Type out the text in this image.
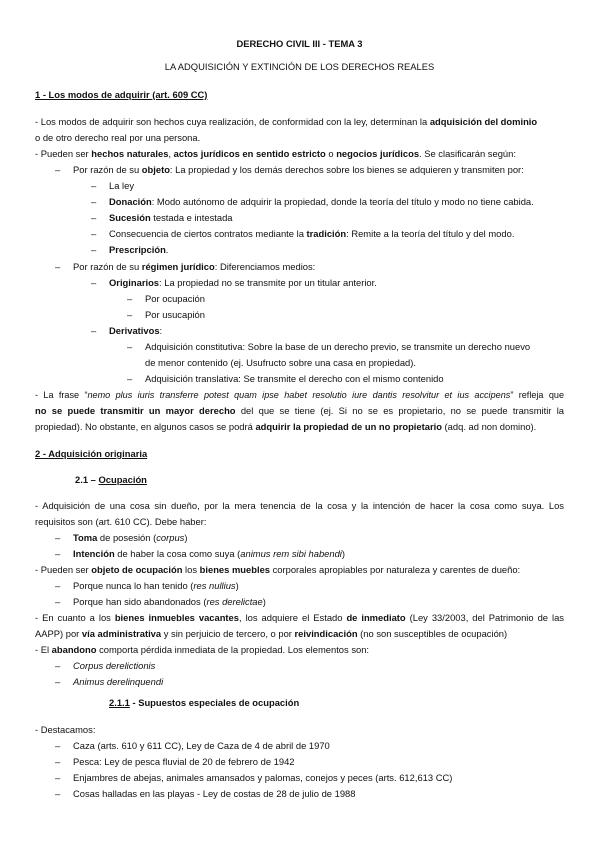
DERECHO CIVIL III - TEMA 3
LA ADQUISICIÓN Y EXTINCIÓN DE LOS DERECHOS REALES
1 - Los modos de adquirir (art. 609 CC)
- Los modos de adquirir son hechos cuya realización, de conformidad con la ley, determinan la adquisición del dominio
o de otro derecho real por una persona.
- Pueden ser hechos naturales, actos jurídicos en sentido estricto o negocios jurídicos. Se clasificarán según:
– Por razón de su objeto: La propiedad y los demás derechos sobre los bienes se adquieren y transmiten por:
– La ley
– Donación: Modo autónomo de adquirir la propiedad, donde la teoría del título y modo no tiene cabida.
– Sucesión testada e intestada
– Consecuencia de ciertos contratos mediante la tradición: Remite a la teoría del título y del modo.
– Prescripción.
– Por razón de su régimen jurídico: Diferenciamos medios:
– Originarios: La propiedad no se transmite por un titular anterior.
– Por ocupación
– Por usucapión
– Derivativos:
– Adquisición constitutiva: Sobre la base de un derecho previo, se transmite un derecho nuevo
de menor contenido (ej. Usufructo sobre una casa en propiedad).
– Adquisición translativa: Se transmite el derecho con el mismo contenido
- La frase “nemo plus iuris transferre potest quam ipse habet resolutio iure dantis resolvitur et ius accipens” refleja que
no se puede transmitir un mayor derecho del que se tiene (ej. Si no se es propietario, no se puede transmitir la
propiedad). No obstante, en algunos casos se podrá adquirir la propiedad de un no propietario (adq. ad non domino).
2 - Adquisición originaria
2.1 – Ocupación
- Adquisición de una cosa sin dueño, por la mera tenencia de la cosa y la intención de hacer la cosa como suya. Los
requisitos son (art. 610 CC). Debe haber:
– Toma de posesión (corpus)
– Intención de haber la cosa como suya (animus rem sibi habendi)
- Pueden ser objeto de ocupación los bienes muebles corporales apropiables por naturaleza y carentes de dueño:
– Porque nunca lo han tenido (res nullius)
– Porque han sido abandonados (res derelictae)
- En cuanto a los bienes inmuebles vacantes, los adquiere el Estado de inmediato (Ley 33/2003, del Patrimonio de las
AAPP) por vía administrativa y sin perjuicio de tercero, o por reivindicación (no son susceptibles de ocupación)
- El abandono comporta pérdida inmediata de la propiedad. Los elementos son:
– Corpus derelictionis
– Animus derelinquendi
2.1.1 - Supuestos especiales de ocupación
- Destacamos:
– Caza (arts. 610 y 611 CC), Ley de Caza de 4 de abril de 1970
– Pesca: Ley de pesca fluvial de 20 de febrero de 1942
– Enjambres de abejas, animales amansados y palomas, conejos y peces (arts. 612,613 CC)
– Cosas halladas en las playas - Ley de costas de 28 de julio de 1988
